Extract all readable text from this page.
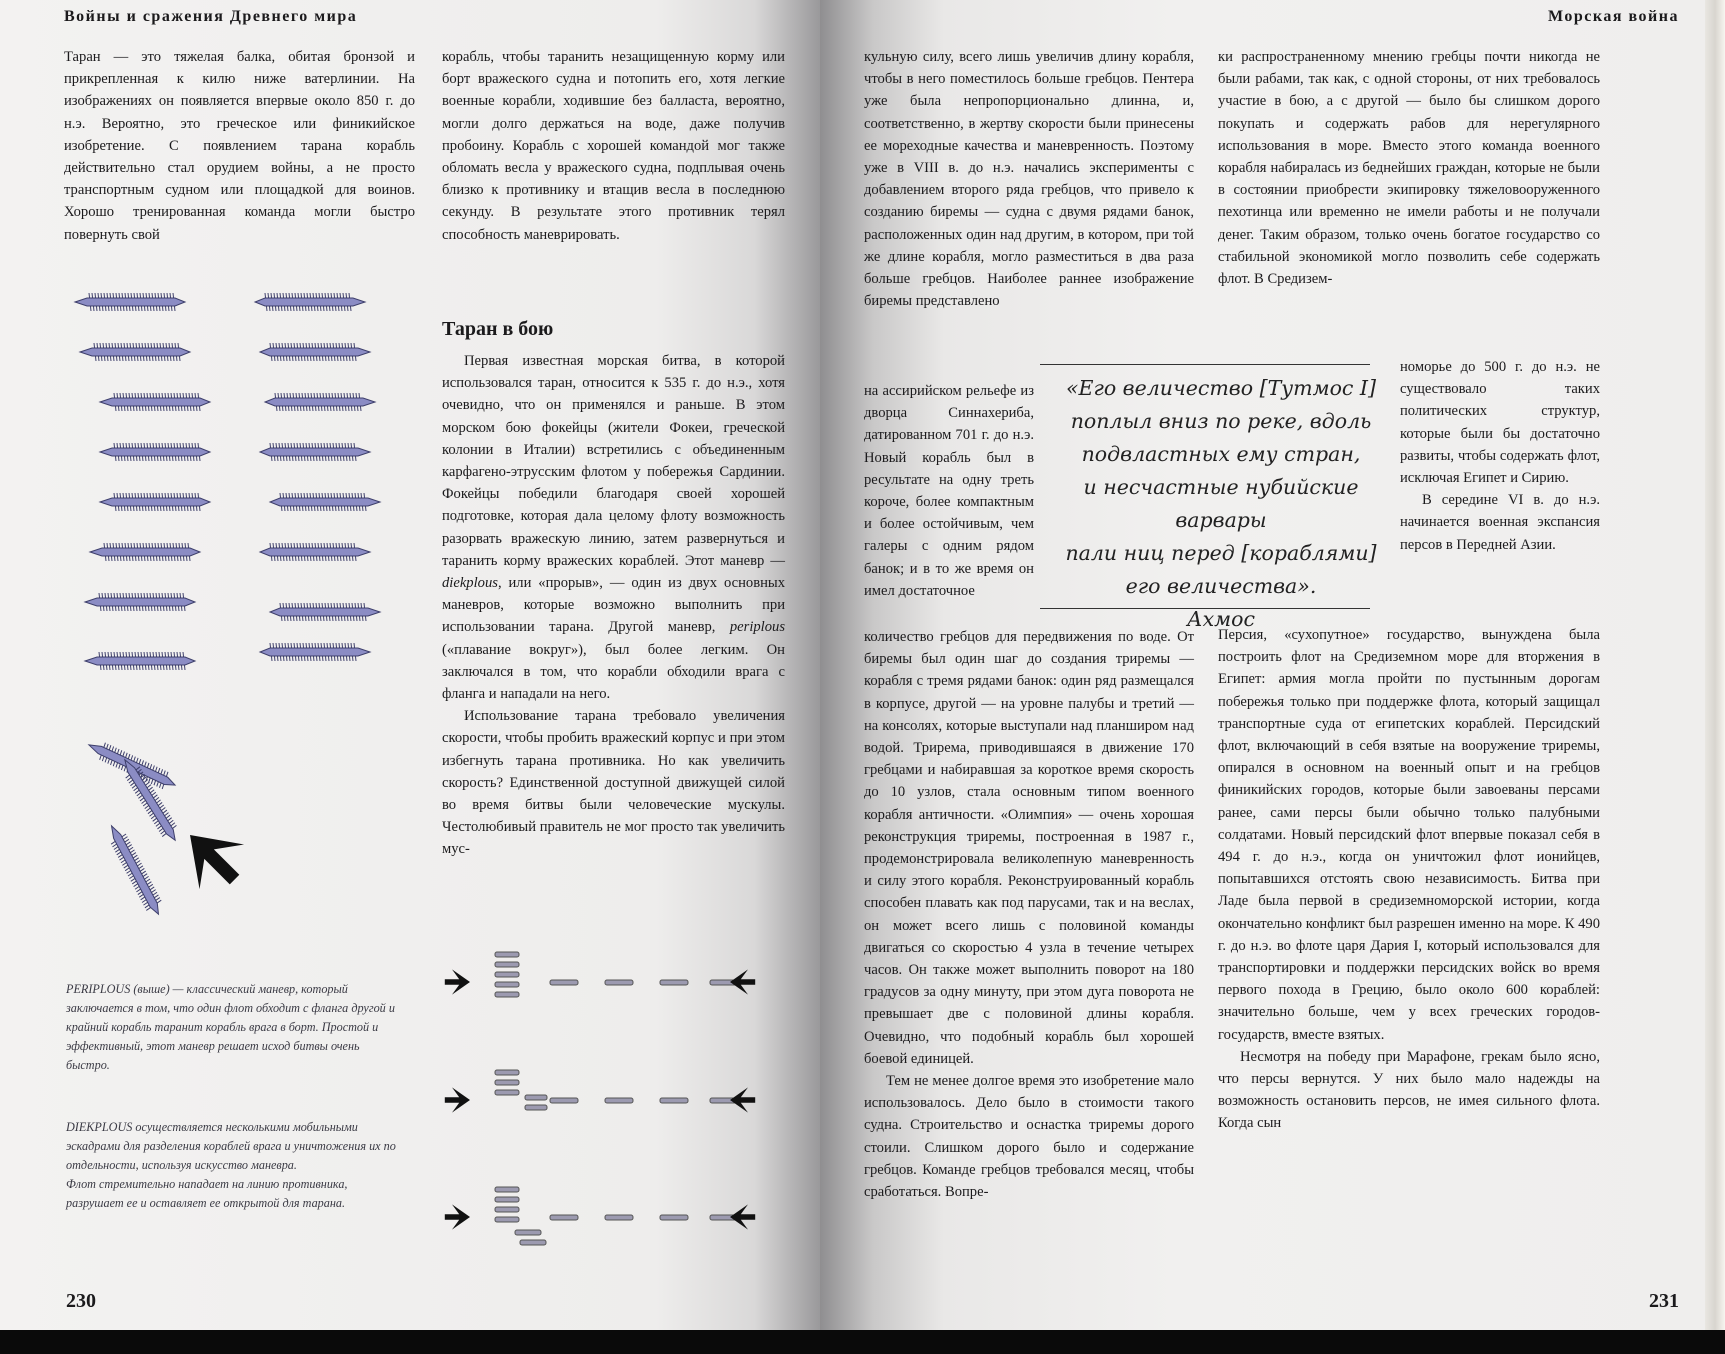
Войны и сражения Древнего мира

Таран — это тяжелая балка, обитая бронзой и прикрепленная к килю ниже ватерлинии. На изображениях он появляется впервые около 850 г. до н.э. Вероятно, это греческое или финикийское изобретение. С появлением тарана корабль действительно стал орудием войны, а не просто транспортным судном или площадкой для воинов. Хорошо тренированная команда могли быстро повернуть свой

корабль, чтобы таранить незащищенную корму или борт вражеского судна и потопить его, хотя легкие военные корабли, ходившие без балласта, вероятно, могли долго держаться на воде, даже получив пробоину. Корабль с хорошей командой мог также обломать весла у вражеского судна, подплывая очень близко к противнику и втащив весла в последнюю секунду. В результате этого противник терял способность маневрировать.

Таран в бою

Первая известная морская битва, в которой использовался таран, относится к 535 г. до н.э., хотя очевидно, что он применялся и раньше. В этом морском бою фокейцы (жители Фокеи, греческой колонии в Италии) встретились с объединенным карфагено-этрусским флотом у побережья Сардинии. Фокейцы победили благодаря своей хорошей подготовке, которая дала целому флоту возможность разорвать вражескую линию, затем развернуться и таранить корму вражеских кораблей. Этот маневр — diekplous, или «прорыв», — один из двух основных маневров, которые возможно выполнить при использовании тарана. Другой маневр, periplous («плавание вокруг»), был более легким. Он заключался в том, что корабли обходили врага с фланга и нападали на него.

Использование тарана требовало увеличения скорости, чтобы пробить вражеский корпус и при этом избегнуть тарана противника. Но как увеличить скорость? Единственной доступной движущей силой во время битвы были человеческие мускулы. Честолюбивый правитель не мог просто так увеличить мус-

PERIPLOUS (выше) — классический маневр, который заключается в том, что один флот обходит с фланга другой и крайний корабль таранит корабль врага в борт. Простой и эффективный, этот маневр решает исход битвы очень быстро.
DIEKPLOUS осуществляется несколькими мобильными эскадрами для разделения кораблей врага и уничтожения их по отдельности, используя искусство маневра.
Флот стремительно нападает на линию противника, разрушает ее и оставляет ее открытой для тарана.
230
Морская война

кульную силу, всего лишь увеличив длину корабля, чтобы в него поместилось больше гребцов. Пентера уже была непропорционально длинна, и, соответственно, в жертву скорости были принесены ее мореходные качества и маневренность. Поэтому уже в VIII в. до н.э. начались эксперименты с добавлением второго ряда гребцов, что привело к созданию биремы — судна с двумя рядами банок, расположенных один над другим, в котором, при той же длине корабля, могло разместиться в два раза больше гребцов. Наиболее раннее изображение биремы представлено

на ассирийском рельефе из дворца Синнахериба, датированном 701 г. до н.э. Новый корабль был в ресультате на одну треть короче, более компактным и более остойчивым, чем галеры с одним рядом банок; и в то же время он имел достаточное

количество гребцов для передвижения по воде. От биремы был один шаг до создания триремы — корабля с тремя рядами банок: один ряд размещался в корпусе, другой — на уровне палубы и третий — на консолях, которые выступали над планширом над водой. Трирема, приводившаяся в движение 170 гребцами и набиравшая за короткое время скорость до 10 узлов, стала основным типом военного корабля античности. «Олимпия» — очень хорошая реконструкция триремы, построенная в 1987 г., продемонстрировала великолепную маневренность и силу этого корабля. Реконструированный корабль способен плавать как под парусами, так и на веслах, он может всего лишь с половиной команды двигаться со скоростью 4 узла в течение четырех часов. Он также может выполнить поворот на 180 градусов за одну минуту, при этом дуга поворота не превышает две с половиной длины корабля. Очевидно, что подобный корабль был хорошей боевой единицей.

Тем не менее долгое время это изобретение мало использовалось. Дело было в стоимости такого судна. Строительство и оснастка триремы дорого стоили. Слишком дорого было и содержание гребцов. Команде гребцов требовался месяц, чтобы сработаться. Вопре-

ки распространенному мнению гребцы почти никогда не были рабами, так как, с одной стороны, от них требовалось участие в бою, а с другой — было бы слишком дорого покупать и содержать рабов для нерегулярного использования в море. Вместо этого команда военного корабля набиралась из беднейших граждан, которые не были в состоянии приобрести экипировку тяжеловооруженного пехотинца или временно не имели работы и не получали денег. Таким образом, только очень богатое государство со стабильной экономикой могло позволить себе содержать флот. В Средизем-

номорье до 500 г. до н.э. не существовало таких политических структур, которые были бы достаточно развиты, чтобы содержать флот, исключая Египет и Сирию.

В середине VI в. до н.э. начинается военная экспансия персов в Передней Азии.

Персия, «сухопутное» государство, вынуждена была построить флот на Средиземном море для вторжения в Египет: армия могла пройти по пустынным дорогам побережья только при поддержке флота, который защищал транспортные суда от египетских кораблей. Персидский флот, включающий в себя взятые на вооружение триремы, опирался в основном на военный опыт и на гребцов финикийских городов, которые были завоеваны персами ранее, сами персы были обычно только палубными солдатами. Новый персидский флот впервые показал себя в 494 г. до н.э., когда он уничтожил флот ионийцев, попытавшихся отстоять свою независимость. Битва при Ладе была первой в средиземноморской истории, когда окончательно конфликт был разрешен именно на море. К 490 г. до н.э. во флоте царя Дария I, который использовался для транспортировки и поддержки персидских войск во время первого похода в Грецию, было около 600 кораблей: значительно больше, чем у всех греческих городов-государств, вместе взятых.

Несмотря на победу при Марафоне, грекам было ясно, что персы вернутся. У них было мало надежды на возможность остановить персов, не имея сильного флота. Когда сын

231
«Его величество [Тутмос I]
поплыл вниз по реке, вдоль
подвластных ему стран,
и несчастные нубийские варвары
пали ниц перед [кораблями]
его величества».
Ахмос
